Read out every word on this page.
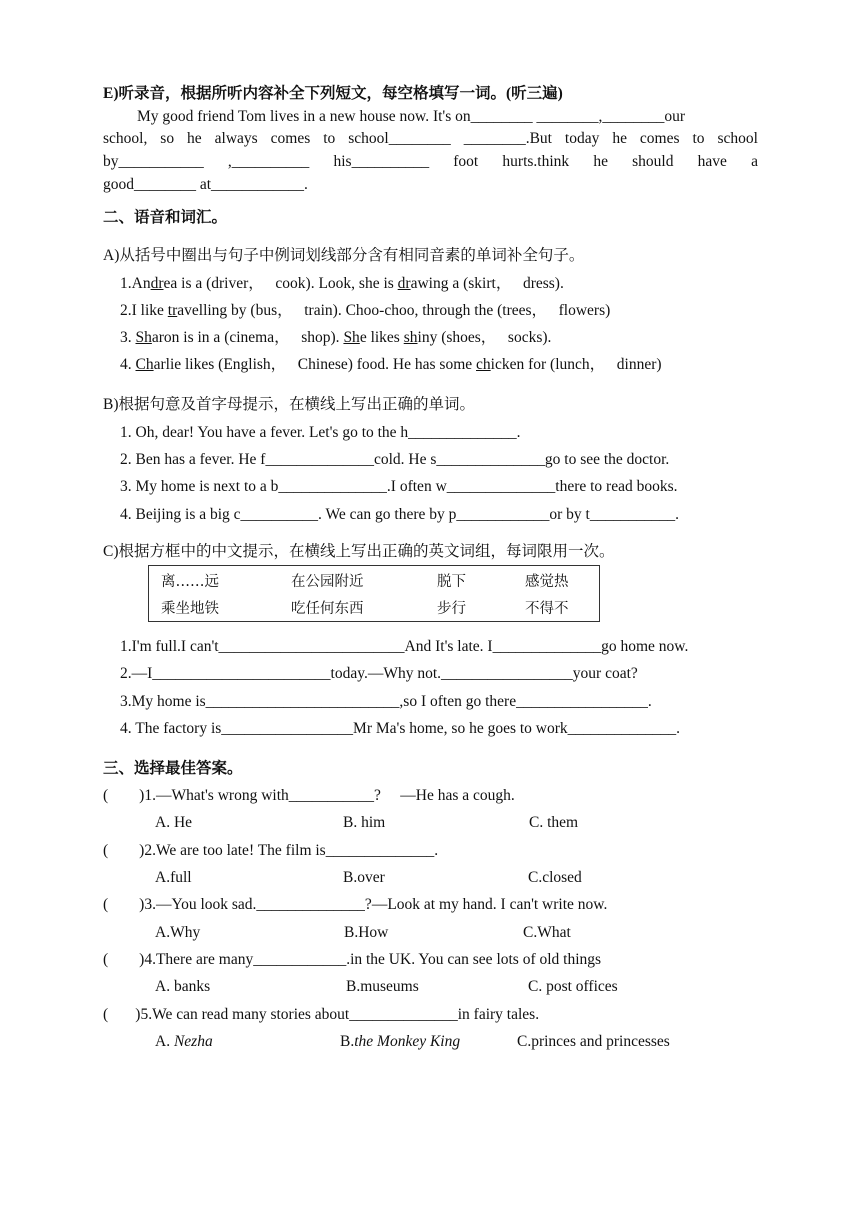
E)听录音，根据所听内容补全下列短文，每空格填写一词。(听三遍)
My good friend Tom lives in a new house now. It's on________ ________,________our
school, so he always comes to school________ ________.But today he comes to school
by___________ ,__________ his__________ foot hurts.think he should have a
good________ at____________.
二、语音和词汇。
A)从括号中圈出与句子中例词划线部分含有相同音素的单词补全句子。
1.Andrea is a (driver，   cook). Look, she is drawing a (skirt，   dress).
2.I like travelling by (bus，   train). Choo-choo, through the (trees，   flowers)
3. Sharon is in a (cinema，   shop). She likes shiny (shoes，   socks).
4. Charlie likes (English，   Chinese) food. He has some chicken for (lunch，   dinner)
B)根据句意及首字母提示，在横线上写出正确的单词。
1. Oh, dear! You have a fever. Let's go to the h______________.
2. Ben has a fever. He f______________cold. He s______________go to see the doctor.
3. My home is next to a b______________.I often w______________there to read books.
4. Beijing is a big c__________. We can go there by p____________or by t___________.
C)根据方框中的中文提示，在横线上写出正确的英文词组，每词限用一次。
离……远	在公园附近	脱下	感觉热
乘坐地铁	吃任何东西	步行	不得不
1.I'm full.I can't________________________And It's late. I______________go home now.
2.—I_______________________today.—Why not._________________your coat?
3.My home is_________________________,so I often go there_________________.
4. The factory is_________________Mr Ma's home, so he goes to work______________.
三、选择最佳答案。
(        )1.—What's wrong with___________?     —He has a cough.
A. He	B. him	C. them
(        )2.We are too late! The film is______________.
A.full	B.over	C.closed
(        )3.—You look sad.______________?—Look at my hand. I can't write now.
A.Why	B.How	C.What
(        )4.There are many____________.in the UK. You can see lots of old things
A. banks	B.museums	C. post offices
(       )5.We can read many stories about______________in fairy tales.
A. Nezha	B.the Monkey King	C.princes and princesses
